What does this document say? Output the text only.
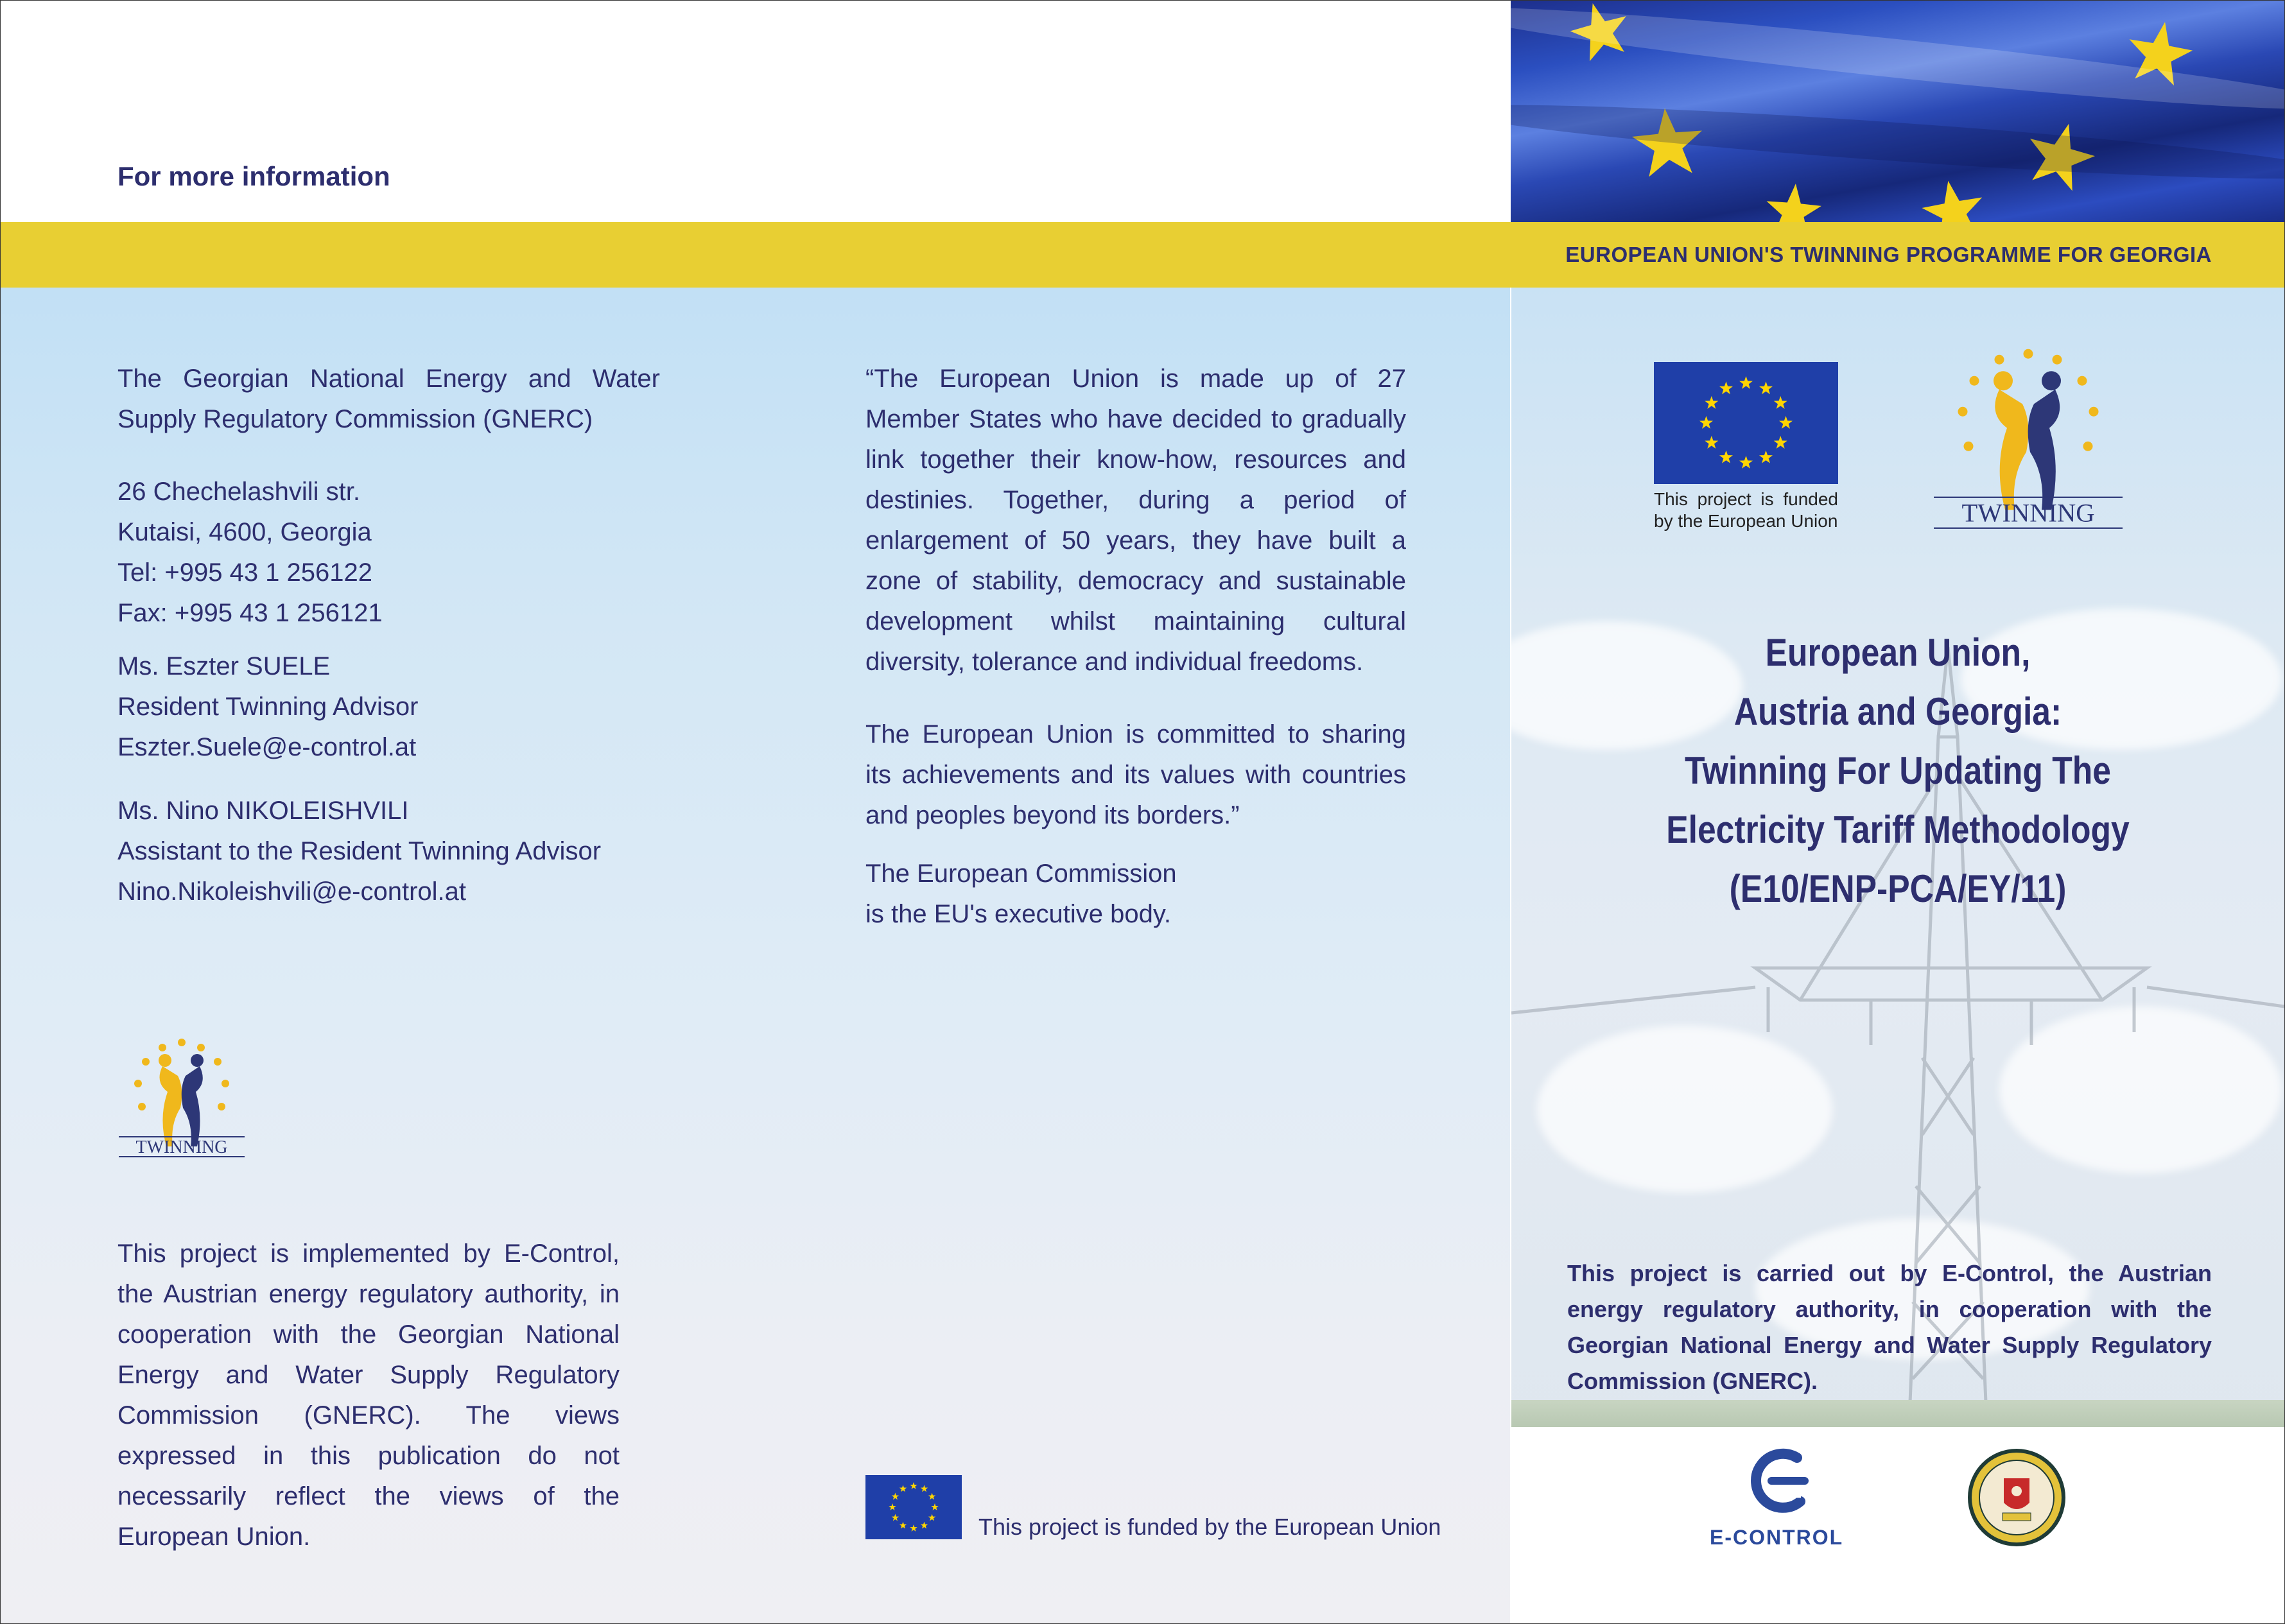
For more information
EUROPEAN UNION'S TWINNING PROGRAMME FOR GEORGIA

The Georgian National Energy and Water

Supply Regulatory Commission (GNERC)

26 Chechelashvili str.

Kutaisi, 4600, Georgia

Tel: +995 43 1 256122

Fax: +995 43 1 256121

Ms. Eszter SUELE

Resident Twinning Advisor

Eszter.Suele@e-control.at

Ms. Nino NIKOLEISHVILI

Assistant to the Resident Twinning Advisor

Nino.Nikoleishvili@e-control.at

TWINNING

This project is implemented by E-Control, the Austrian energy regulatory authority, in cooperation with the Georgian National Energy and Water Supply Regulatory Commission (GNERC). The views expressed in this publication do not necessarily reflect the views of the European Union.

“The European Union is made up of 27 Member States who have decided to gradually link together their know-how, resources and destinies. Together, during a period of enlargement of 50 years, they have built a zone of stability, democracy and sustainable development whilst maintaining cultural diversity, tolerance and individual freedoms.

The European Union is committed to sharing its achievements and its values with countries and peoples beyond its borders.”

The European Commission

is the EU's executive body.

This project is funded by the European Union
This project is funded
by the European Union	TWINNING
European Union,
Austria and Georgia:
Twinning For Updating The
Electricity Tariff Methodology
(E10/ENP-PCA/EY/11)
This project is carried out by E-Control, the Austrian energy regulatory authority, in cooperation with the Georgian National Energy and Water Supply Regulatory Commission (GNERC).
E-CONTROL
